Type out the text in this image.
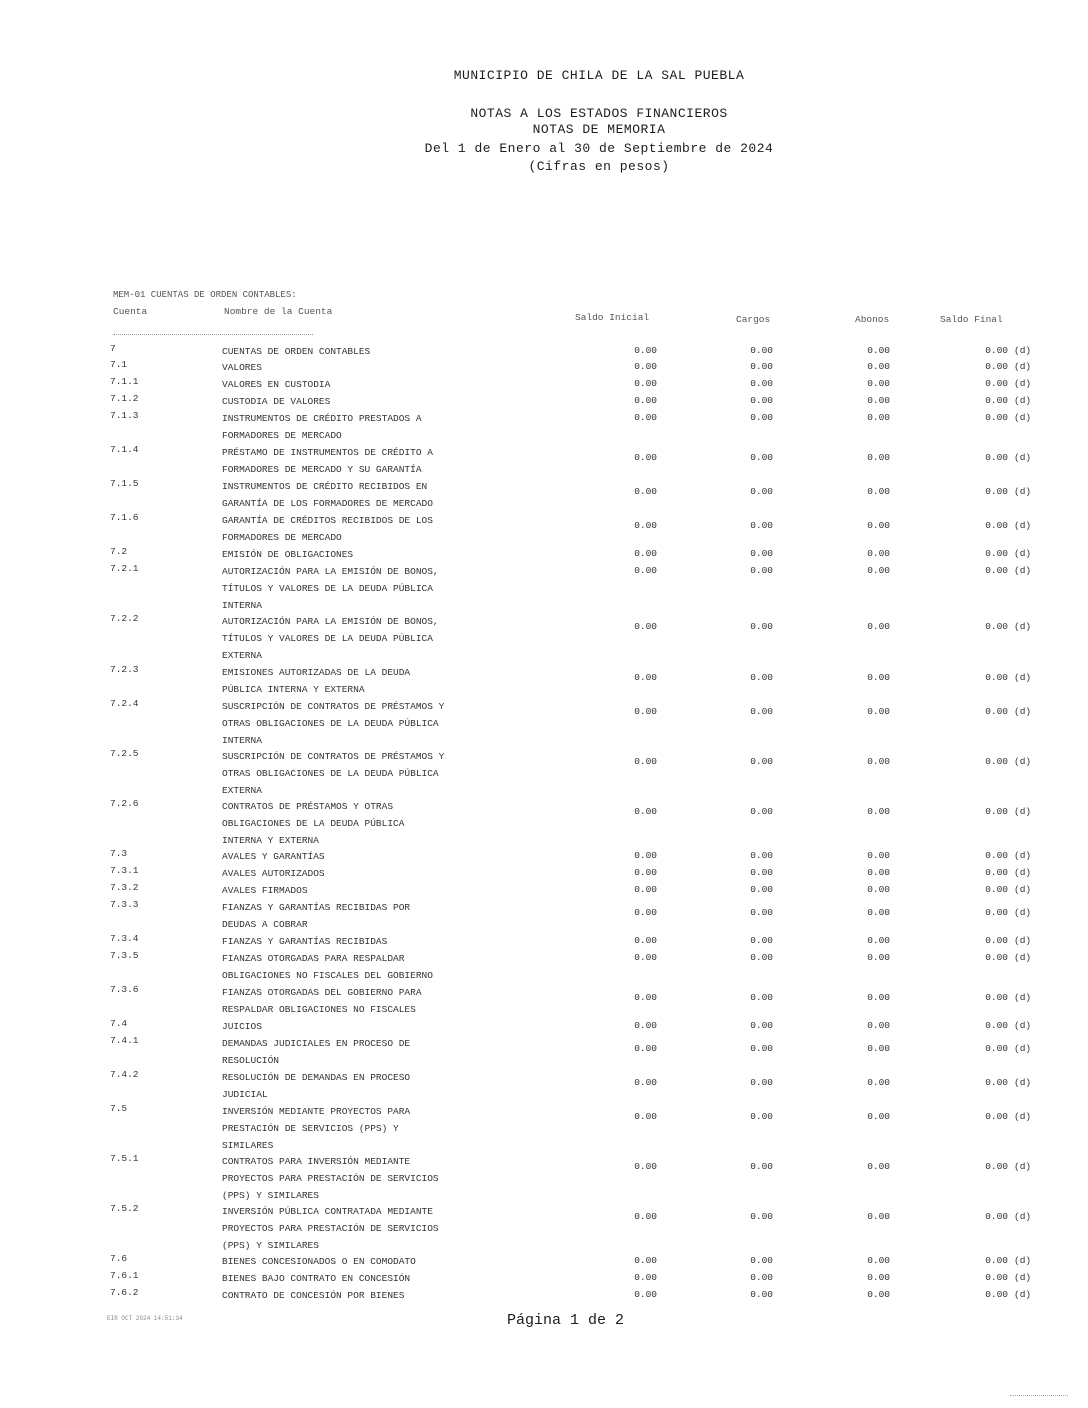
MUNICIPIO DE CHILA DE LA SAL PUEBLA
NOTAS A LOS ESTADOS FINANCIEROS
NOTAS DE MEMORIA
Del 1 de Enero al 30 de Septiembre de 2024
(Cifras en pesos)
MEM-01 CUENTAS DE ORDEN CONTABLES:
Cuenta	Nombre de la Cuenta
Saldo Inicial	Cargos	Abonos	Saldo Final
7	CUENTAS DE ORDEN CONTABLES	0.00	0.00	0.00	0.00 (d)
7.1	VALORES	0.00	0.00	0.00	0.00 (d)
7.1.1	VALORES EN CUSTODIA	0.00	0.00	0.00	0.00 (d)
7.1.2	CUSTODIA DE VALORES	0.00	0.00	0.00	0.00 (d)
7.1.3	INSTRUMENTOS DE CRÉDITO PRESTADOS A
FORMADORES DE MERCADO
0.00	0.00	0.00	0.00 (d)
7.1.4	PRÉSTAMO DE INSTRUMENTOS DE CRÉDITO A
FORMADORES DE MERCADO Y SU GARANTÍA
0.00	0.00	0.00	0.00 (d)
7.1.5	INSTRUMENTOS DE CRÉDITO RECIBIDOS EN
GARANTÍA DE LOS FORMADORES DE MERCADO
0.00	0.00	0.00	0.00 (d)
7.1.6	GARANTÍA DE CRÉDITOS RECIBIDOS DE LOS
FORMADORES DE MERCADO
0.00	0.00	0.00	0.00 (d)
7.2	EMISIÓN DE OBLIGACIONES	0.00	0.00	0.00	0.00 (d)
7.2.1	AUTORIZACIÓN PARA LA EMISIÓN DE BONOS,
TÍTULOS Y VALORES DE LA DEUDA PÚBLICA
INTERNA
0.00	0.00	0.00	0.00 (d)
7.2.2	AUTORIZACIÓN PARA LA EMISIÓN DE BONOS,
TÍTULOS Y VALORES DE LA DEUDA PÚBLICA
EXTERNA
0.00	0.00	0.00	0.00 (d)
7.2.3	EMISIONES AUTORIZADAS DE LA DEUDA
PÚBLICA INTERNA Y EXTERNA
0.00	0.00	0.00	0.00 (d)
7.2.4	SUSCRIPCIÓN DE CONTRATOS DE PRÉSTAMOS Y
OTRAS OBLIGACIONES DE LA DEUDA PÚBLICA
INTERNA
0.00	0.00	0.00	0.00 (d)
7.2.5	SUSCRIPCIÓN DE CONTRATOS DE PRÉSTAMOS Y
OTRAS OBLIGACIONES DE LA DEUDA PÚBLICA
EXTERNA
0.00	0.00	0.00	0.00 (d)
7.2.6	CONTRATOS DE PRÉSTAMOS Y OTRAS
OBLIGACIONES DE LA DEUDA PÚBLICA
INTERNA Y EXTERNA
0.00	0.00	0.00	0.00 (d)
7.3	AVALES Y GARANTÍAS	0.00	0.00	0.00	0.00 (d)
7.3.1	AVALES AUTORIZADOS	0.00	0.00	0.00	0.00 (d)
7.3.2	AVALES FIRMADOS	0.00	0.00	0.00	0.00 (d)
7.3.3	FIANZAS Y GARANTÍAS RECIBIDAS POR
DEUDAS A COBRAR
0.00	0.00	0.00	0.00 (d)
7.3.4	FIANZAS Y GARANTÍAS RECIBIDAS	0.00	0.00	0.00	0.00 (d)
7.3.5	FIANZAS OTORGADAS PARA RESPALDAR
OBLIGACIONES NO FISCALES DEL GOBIERNO
0.00	0.00	0.00	0.00 (d)
7.3.6	FIANZAS OTORGADAS DEL GOBIERNO PARA
RESPALDAR OBLIGACIONES NO FISCALES
0.00	0.00	0.00	0.00 (d)
7.4	JUICIOS	0.00	0.00	0.00	0.00 (d)
7.4.1	DEMANDAS JUDICIALES EN PROCESO DE
RESOLUCIÓN
0.00	0.00	0.00	0.00 (d)
7.4.2	RESOLUCIÓN DE DEMANDAS EN PROCESO
JUDICIAL
0.00	0.00	0.00	0.00 (d)
7.5	INVERSIÓN MEDIANTE PROYECTOS PARA
PRESTACIÓN DE SERVICIOS (PPS) Y
SIMILARES
0.00	0.00	0.00	0.00 (d)
7.5.1	CONTRATOS PARA INVERSIÓN MEDIANTE
PROYECTOS PARA PRESTACIÓN DE SERVICIOS
(PPS) Y SIMILARES
0.00	0.00	0.00	0.00 (d)
7.5.2	INVERSIÓN PÚBLICA CONTRATADA MEDIANTE
PROYECTOS PARA PRESTACIÓN DE SERVICIOS
(PPS) Y SIMILARES
0.00	0.00	0.00	0.00 (d)
7.6	BIENES CONCESIONADOS O EN COMODATO	0.00	0.00	0.00	0.00 (d)
7.6.1	BIENES BAJO CONTRATO EN CONCESIÓN	0.00	0.00	0.00	0.00 (d)
7.6.2	CONTRATO DE CONCESIÓN POR BIENES	0.00	0.00	0.00	0.00 (d)
EIR OCT 2024 14:51:34	Página 1 de 2
